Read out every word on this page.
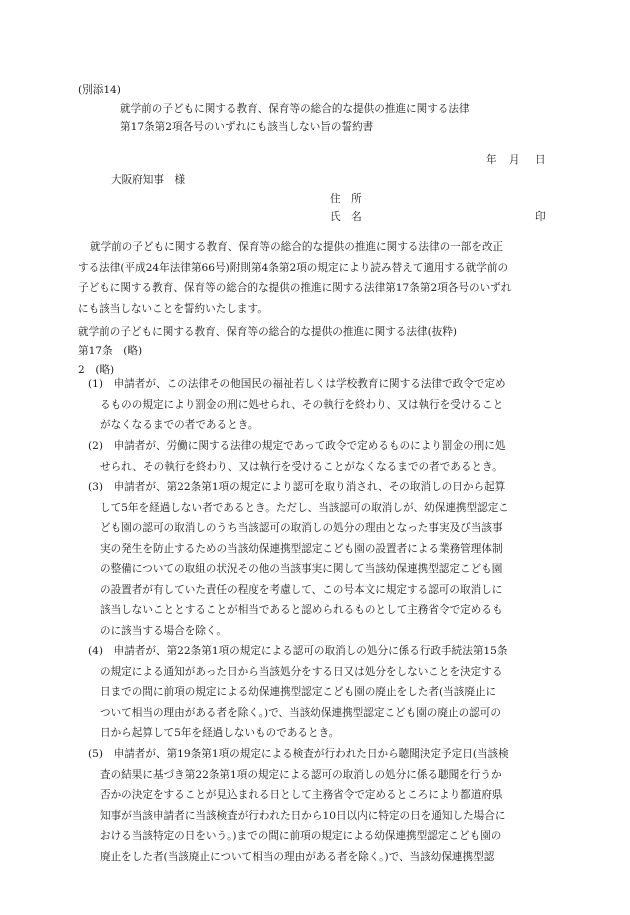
(別添14)
就学前の子どもに関する教育、保育等の総合的な提供の推進に関する法律
第17条第2項各号のいずれにも該当しない旨の誓約書
年 月 日
大阪府知事　様
住　所
氏　名	印
就学前の子どもに関する教育、保育等の総合的な提供の推進に関する法律の一部を改正
する法律(平成24年法律第66号)附則第4条第2項の規定により読み替えて適用する就学前の
子どもに関する教育、保育等の総合的な提供の推進に関する法律第17条第2項各号のいずれ
にも該当しないことを誓約いたします。
就学前の子どもに関する教育、保育等の総合的な提供の推進に関する法律(抜粋)
第17条　(略)
2　(略)
(1)　申請者が、この法律その他国民の福祉若しくは学校教育に関する法律で政令で定め
るものの規定により罰金の刑に処せられ、その執行を終わり、又は執行を受けること
がなくなるまでの者であるとき。
(2)　申請者が、労働に関する法律の規定であって政令で定めるものにより罰金の刑に処
せられ、その執行を終わり、又は執行を受けることがなくなるまでの者であるとき。
(3)　申請者が、第22条第1項の規定により認可を取り消され、その取消しの日から起算
して5年を経過しない者であるとき。ただし、当該認可の取消しが、幼保連携型認定こ
ども園の認可の取消しのうち当該認可の取消しの処分の理由となった事実及び当該事
実の発生を防止するための当該幼保連携型認定こども園の設置者による業務管理体制
の整備についての取組の状況その他の当該事実に関して当該幼保連携型認定こども園
の設置者が有していた責任の程度を考慮して、この号本文に規定する認可の取消しに
該当しないこととすることが相当であると認められるものとして主務省令で定めるも
のに該当する場合を除く。
(4)　申請者が、第22条第1項の規定による認可の取消しの処分に係る行政手続法第15条
の規定による通知があった日から当該処分をする日又は処分をしないことを決定する
日までの間に前項の規定による幼保連携型認定こども園の廃止をした者(当該廃止に
ついて相当の理由がある者を除く。)で、当該幼保連携型認定こども園の廃止の認可の
日から起算して5年を経過しないものであるとき。
(5)　申請者が、第19条第1項の規定による検査が行われた日から聴聞決定予定日(当該検
査の結果に基づき第22条第1項の規定による認可の取消しの処分に係る聴聞を行うか
否かの決定をすることが見込まれる日として主務省令で定めるところにより都道府県
知事が当該申請者に当該検査が行われた日から10日以内に特定の日を通知した場合に
おける当該特定の日をいう。)までの間に前項の規定による幼保連携型認定こども園の
廃止をした者(当該廃止について相当の理由がある者を除く。)で、当該幼保連携型認
